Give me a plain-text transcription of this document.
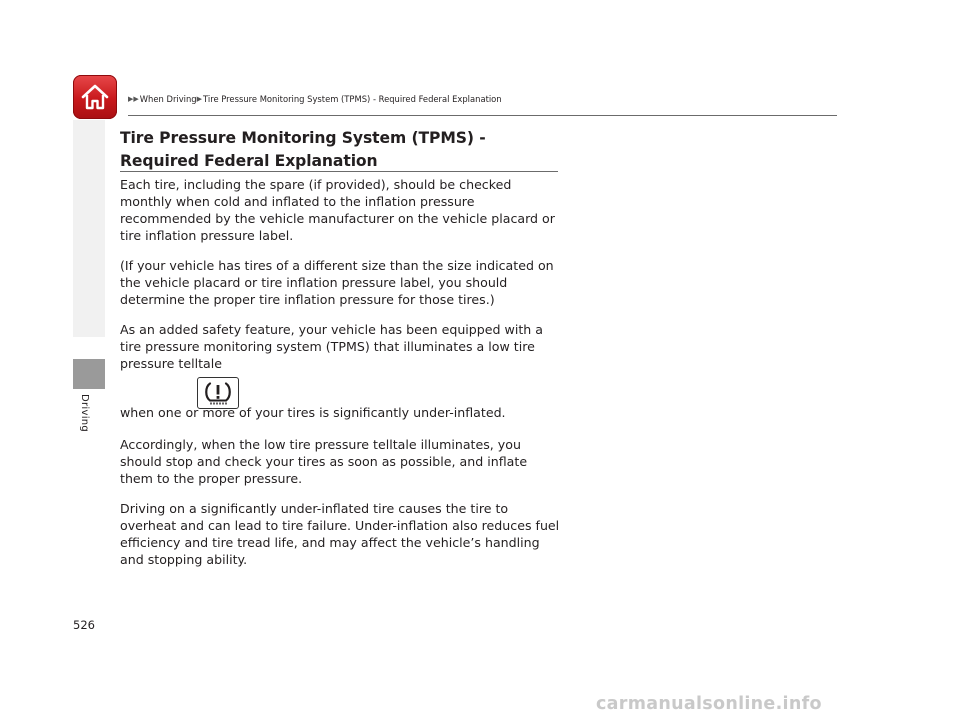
Driving
▶▶ When Driving ▶ Tire Pressure Monitoring System (TPMS) - Required Federal Explanation
Tire Pressure Monitoring System (TPMS) - Required Federal Explanation

Each tire, including the spare (if provided), should be checked monthly when cold and inflated to the inflation pressure recommended by the vehicle manufacturer on the vehicle placard or tire inflation pressure label.

(If your vehicle has tires of a different size than the size indicated on the vehicle placard or tire inflation pressure label, you should determine the proper tire inflation pressure for those tires.)

As an added safety feature, your vehicle has been equipped with a tire pressure monitoring system (TPMS) that illuminates a low tire pressure telltale

when one or more of your tires is significantly under-inflated.

Accordingly, when the low tire pressure telltale illuminates, you should stop and check your tires as soon as possible, and inflate them to the proper pressure.

Driving on a significantly under-inflated tire causes the tire to overheat and can lead to tire failure. Under-inflation also reduces fuel efficiency and tire tread life, and may affect the vehicle’s handling and stopping ability.

526

carmanualsonline.info
